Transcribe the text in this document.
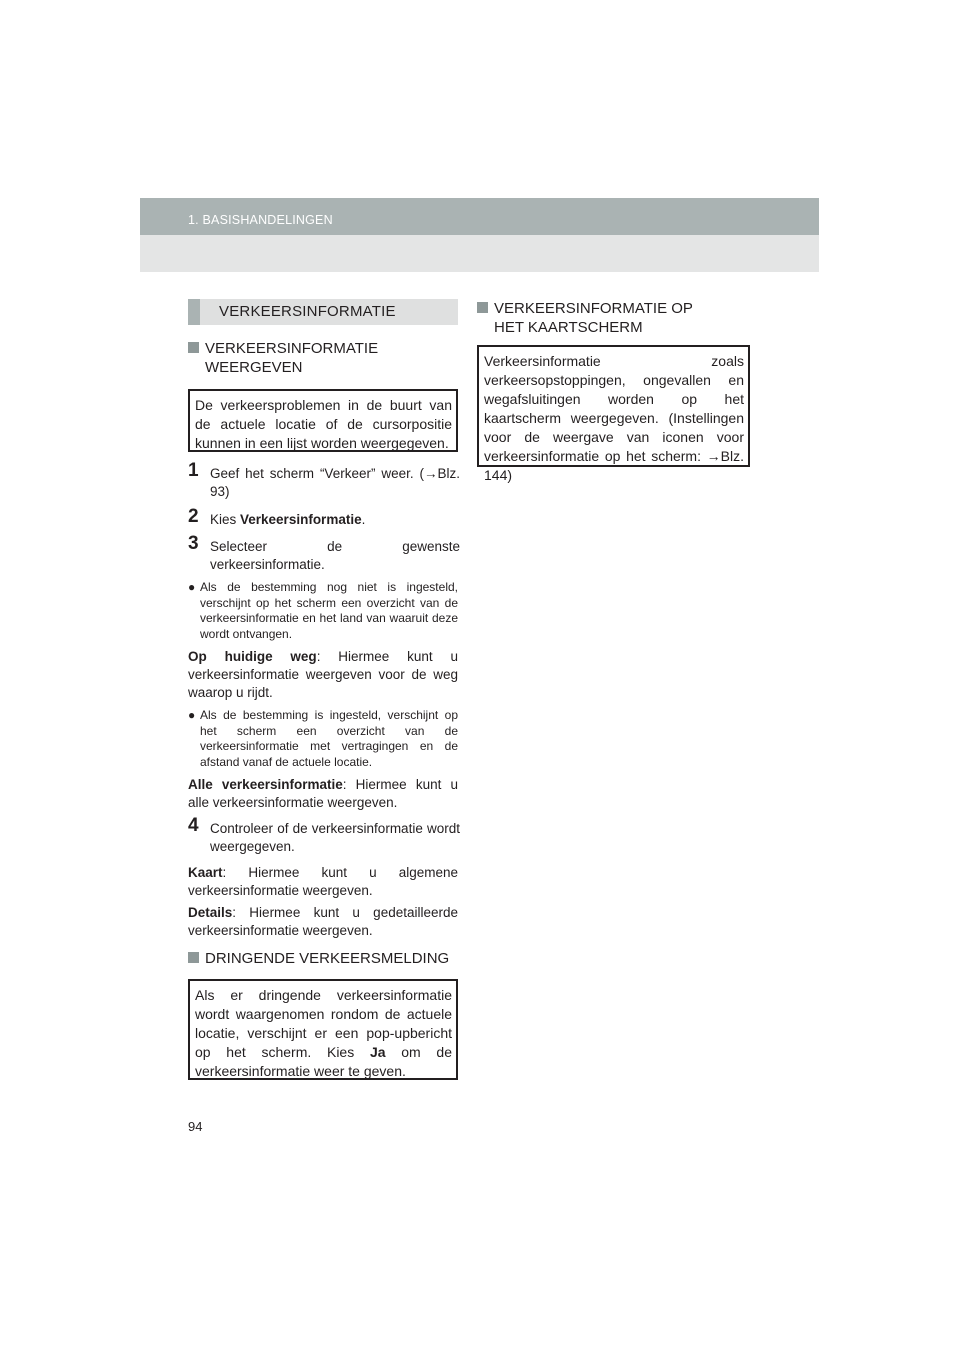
1. BASISHANDELINGEN
VERKEERSINFORMATIE
VERKEERSINFORMATIE
WEERGEVEN
De verkeersproblemen in de buurt van de actuele locatie of de cursorpositie kunnen in een lijst worden weergegeven.
1 Geef het scherm “Verkeer” weer. (→Blz. 93)
2 Kies Verkeersinformatie.
3 Selecteer de gewenste verkeersinformatie.
● Als de bestemming nog niet is ingesteld, verschijnt op het scherm een overzicht van de verkeersinformatie en het land van waaruit deze wordt ontvangen.
Op huidige weg: Hiermee kunt u verkeersinformatie weergeven voor de weg waarop u rijdt.
● Als de bestemming is ingesteld, verschijnt op het scherm een overzicht van de verkeersinformatie met vertragingen en de afstand vanaf de actuele locatie.
Alle verkeersinformatie: Hiermee kunt u alle verkeersinformatie weergeven.
4 Controleer of de verkeersinformatie wordt weergegeven.
Kaart: Hiermee kunt u algemene verkeersinformatie weergeven.
Details: Hiermee kunt u gedetailleerde verkeersinformatie weergeven.
DRINGENDE VERKEERSMELDING
Als er dringende verkeersinformatie wordt waargenomen rondom de actuele locatie, verschijnt er een pop-upbericht op het scherm. Kies Ja om de verkeersinformatie weer te geven.
VERKEERSINFORMATIE OP
HET KAARTSCHERM
Verkeersinformatie zoals verkeersopstoppingen, ongevallen en wegafsluitingen worden op het kaartscherm weergegeven. (Instellingen voor de weergave van iconen voor verkeersinformatie op het scherm: →Blz. 144)
94
